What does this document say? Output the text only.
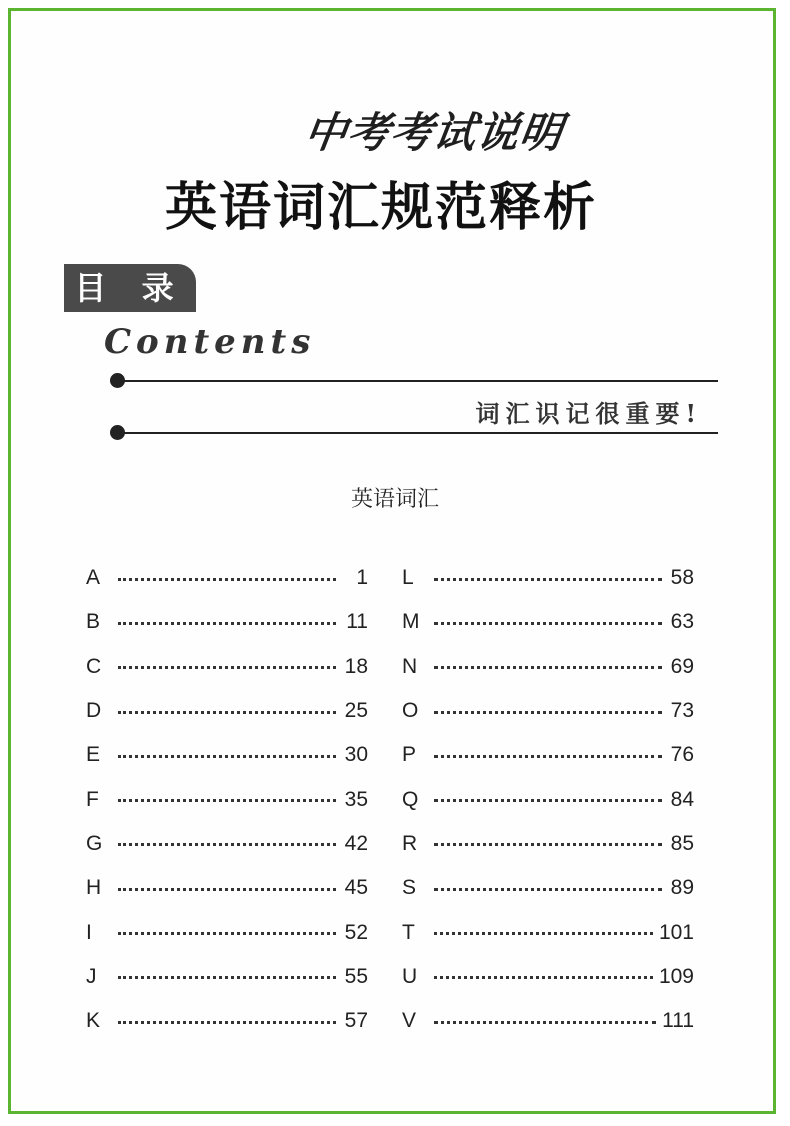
中考考试说明
英语词汇规范释析
目 录
Contents
词汇识记很重要!
英语词汇
A	1
B	11
C	18
D	25
E	30
F	35
G	42
H	45
I	52
J	55
K	57
L	58
M	63
N	69
O	73
P	76
Q	84
R	85
S	89
T	101
U	109
V	111
